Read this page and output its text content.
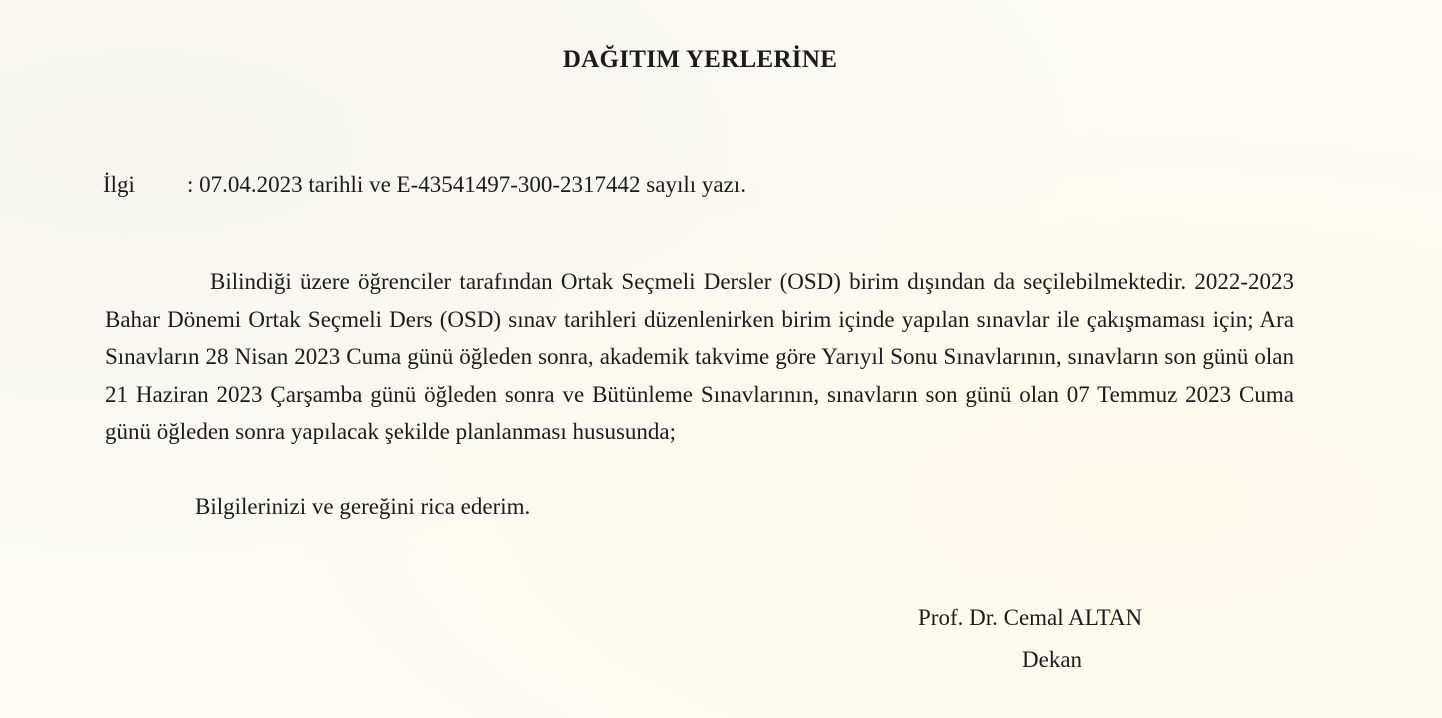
DAĞITIM YERLERİNE
İlgi : 07.04.2023 tarihli ve E-43541497-300-2317442 sayılı yazı.

Bilindiği üzere öğrenciler tarafından Ortak Seçmeli Dersler (OSD) birim dışından da seçilebilmektedir. 2022-2023 Bahar Dönemi Ortak Seçmeli Ders (OSD) sınav tarihleri düzenlenirken birim içinde yapılan sınavlar ile çakışmaması için; Ara Sınavların 28 Nisan 2023 Cuma günü öğleden sonra, akademik takvime göre Yarıyıl Sonu Sınavlarının, sınavların son günü olan 21 Haziran 2023 Çarşamba günü öğleden sonra ve Bütünleme Sınavlarının, sınavların son günü olan 07 Temmuz 2023 Cuma günü öğleden sonra yapılacak şekilde planlanması hususunda;

Bilgilerinizi ve gereğini rica ederim.
Prof. Dr. Cemal ALTAN
Dekan
